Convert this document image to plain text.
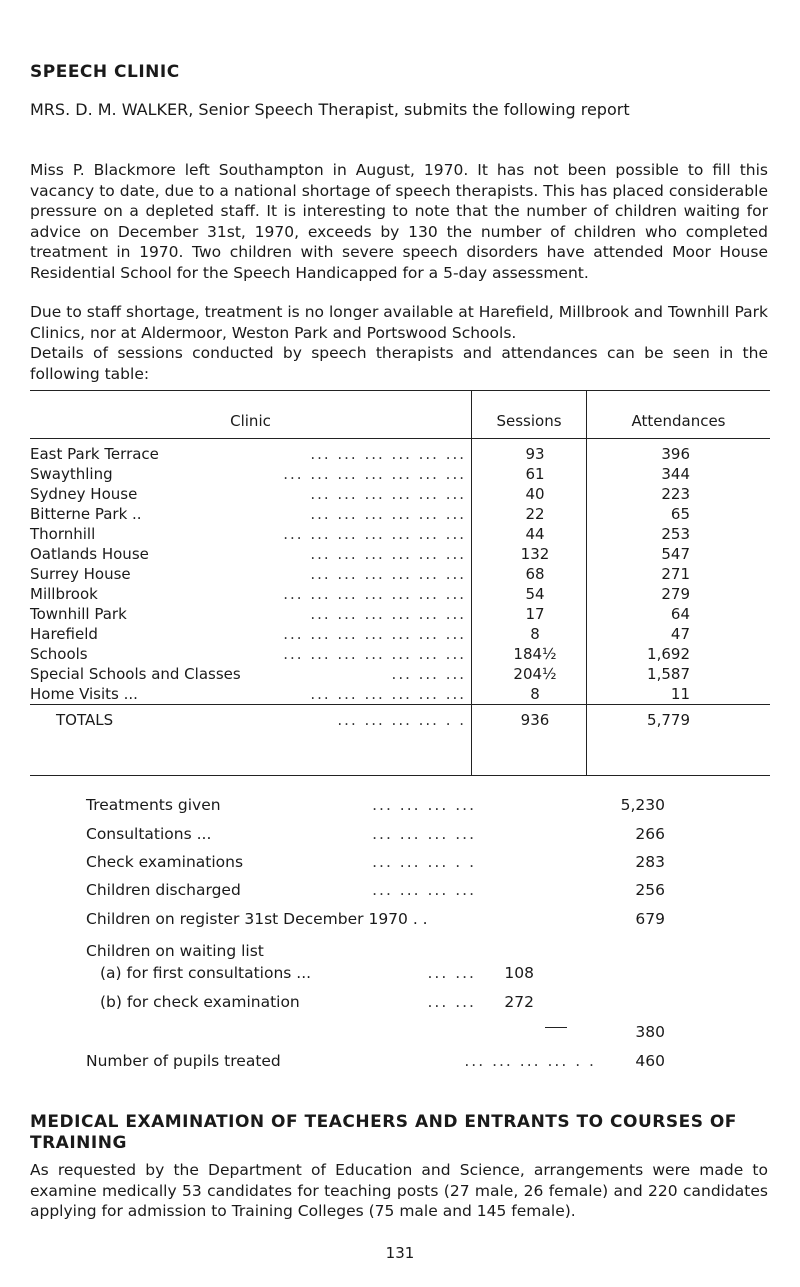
SPEECH CLINIC
MRS. D. M. WALKER, Senior Speech Therapist, submits the following report

Miss P. Blackmore left Southampton in August, 1970. It has not been possible to fill this vacancy to date, due to a national shortage of speech therapists. This has placed considerable pressure on a depleted staff. It is interesting to note that the number of children waiting for advice on December 31st, 1970, exceeds by 130 the number of children who completed treatment in 1970. Two children with severe speech disorders have attended Moor House Residential School for the Speech Handicapped for a 5-day assessment.

Due to staff shortage, treatment is no longer available at Harefield, Millbrook and Townhill Park Clinics, nor at Aldermoor, Weston Park and Portswood Schools.

Details of sessions conducted by speech therapists and attendances can be seen in the following table:

Clinic	Sessions	Attendances
... ... ... ... ... ...
East Park Terrace	93	396
... ... ... ... ... ... ...
Swaythling	61	344
... ... ... ... ... ...
Sydney House	40	223
... ... ... ... ... ...
Bitterne Park ..	22	65
... ... ... ... ... ... ...
Thornhill	44	253
... ... ... ... ... ...
Oatlands House	132	547
... ... ... ... ... ...
Surrey House	68	271
... ... ... ... ... ... ...
Millbrook	54	279
... ... ... ... ... ...
Townhill Park	17	64
... ... ... ... ... ... ...
Harefield	8	47
... ... ... ... ... ... ...
Schools	184½	1,692
... ... ...
Special Schools and Classes	204½	1,587
... ... ... ... ... ...
Home Visits ...	8	11
... ... ... ... . .
TOTALS	936	5,779
... ... ... ...
Treatments given	5,230
... ... ... ...
Consultations ...	266
... ... ... . .
Check examinations	283
... ... ... ...
Children discharged	256
Children on register 31st December 1970 . .	679
Children on waiting list
... ...
(a) for first consultations ...	108
... ...
(b) for check examination	272
380
... ... ... ... . .
Number of pupils treated	460
MEDICAL EXAMINATION OF TEACHERS AND ENTRANTS TO COURSES OF TRAINING

As requested by the Department of Education and Science, arrangements were made to examine medically 53 candidates for teaching posts (27 male, 26 female) and 220 candidates applying for admission to Training Colleges (75 male and 145 female).

131
